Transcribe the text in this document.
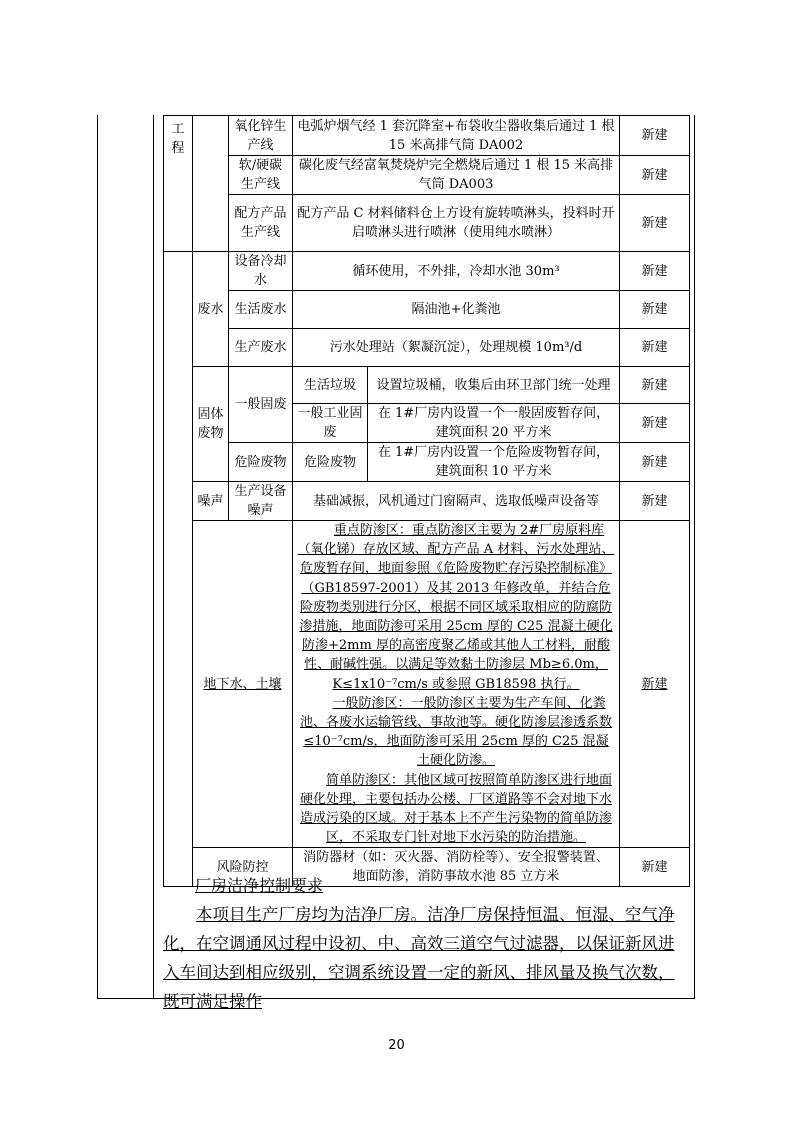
工程		氧化锌生产线	电弧炉烟气经 1 套沉降室+布袋收尘器收集后通过 1 根 15 米高排气筒 DA002		新建
		软/硬碳生产线	碳化废气经富氧焚烧炉完全燃烧后通过 1 根 15 米高排气筒 DA003		新建
		配方产品生产线	配方产品 C 材料储料仓上方设有旋转喷淋头，投料时开启喷淋头进行喷淋（使用纯水喷淋）		新建
	废水	设备冷却水	循环使用，不外排，冷却水池 30m³		新建
		生活废水	隔油池+化粪池		新建
		生产废水	污水处理站（絮凝沉淀），处理规模 10m³/d		新建
	固体废物	一般固废	生活垃圾	设置垃圾桶，收集后由环卫部门统一处理	新建
			一般工业固废	在 1#厂房内设置一个一般固废暂存间，建筑面积 20 平方米	新建
		危险废物	危险废物	在 1#厂房内设置一个危险废物暂存间，建筑面积 10 平方米	新建
	噪声	生产设备噪声	基础减振，风机通过门窗隔声、选取低噪声设备等		新建
	地下水、土壤		重点防渗区：重点防渗区主要为 2#厂房原料库（氧化锑）存放区域、配方产品 A 材料、污水处理站、危废暂存间，地面参照《危险废物贮存污染控制标准》（GB18597-2001）及其 2013 年修改单，并结合危险废物类别进行分区，根据不同区域采取相应的防腐防渗措施，地面防渗可采用 25cm 厚的 C25 混凝土硬化防渗+2mm 厚的高密度聚乙烯或其他人工材料，耐酸性、耐碱性强。以满足等效黏土防渗层 Mb≥6.0m，K≤1x10⁻⁷cm/s 或参照 GB18598 执行。

一般防渗区：一般防渗区主要为生产车间、化粪池、各废水运输管线、事故池等。硬化防渗层渗透系数≤10⁻⁷cm/s，地面防渗可采用 25cm 厚的 C25 混凝土硬化防渗。

简单防渗区：其他区域可按照简单防渗区进行地面硬化处理，主要包括办公楼、厂区道路等不会对地下水造成污染的区域。对于基本上不产生污染物的简单防渗区，不采取专门针对地下水污染的防治措施。		新建
	风险防控		消防器材（如：灭火器、消防栓等）、安全报警装置、地面防渗，消防事故水池 85 立方米		新建
厂房洁净控制要求
本项目生产厂房均为洁净厂房。洁净厂房保持恒温、恒湿、空气净化，在空调通风过程中设初、中、高效三道空气过滤器，以保证新风进入车间达到相应级别，空调系统设置一定的新风、排风量及换气次数，既可满足操作
20
